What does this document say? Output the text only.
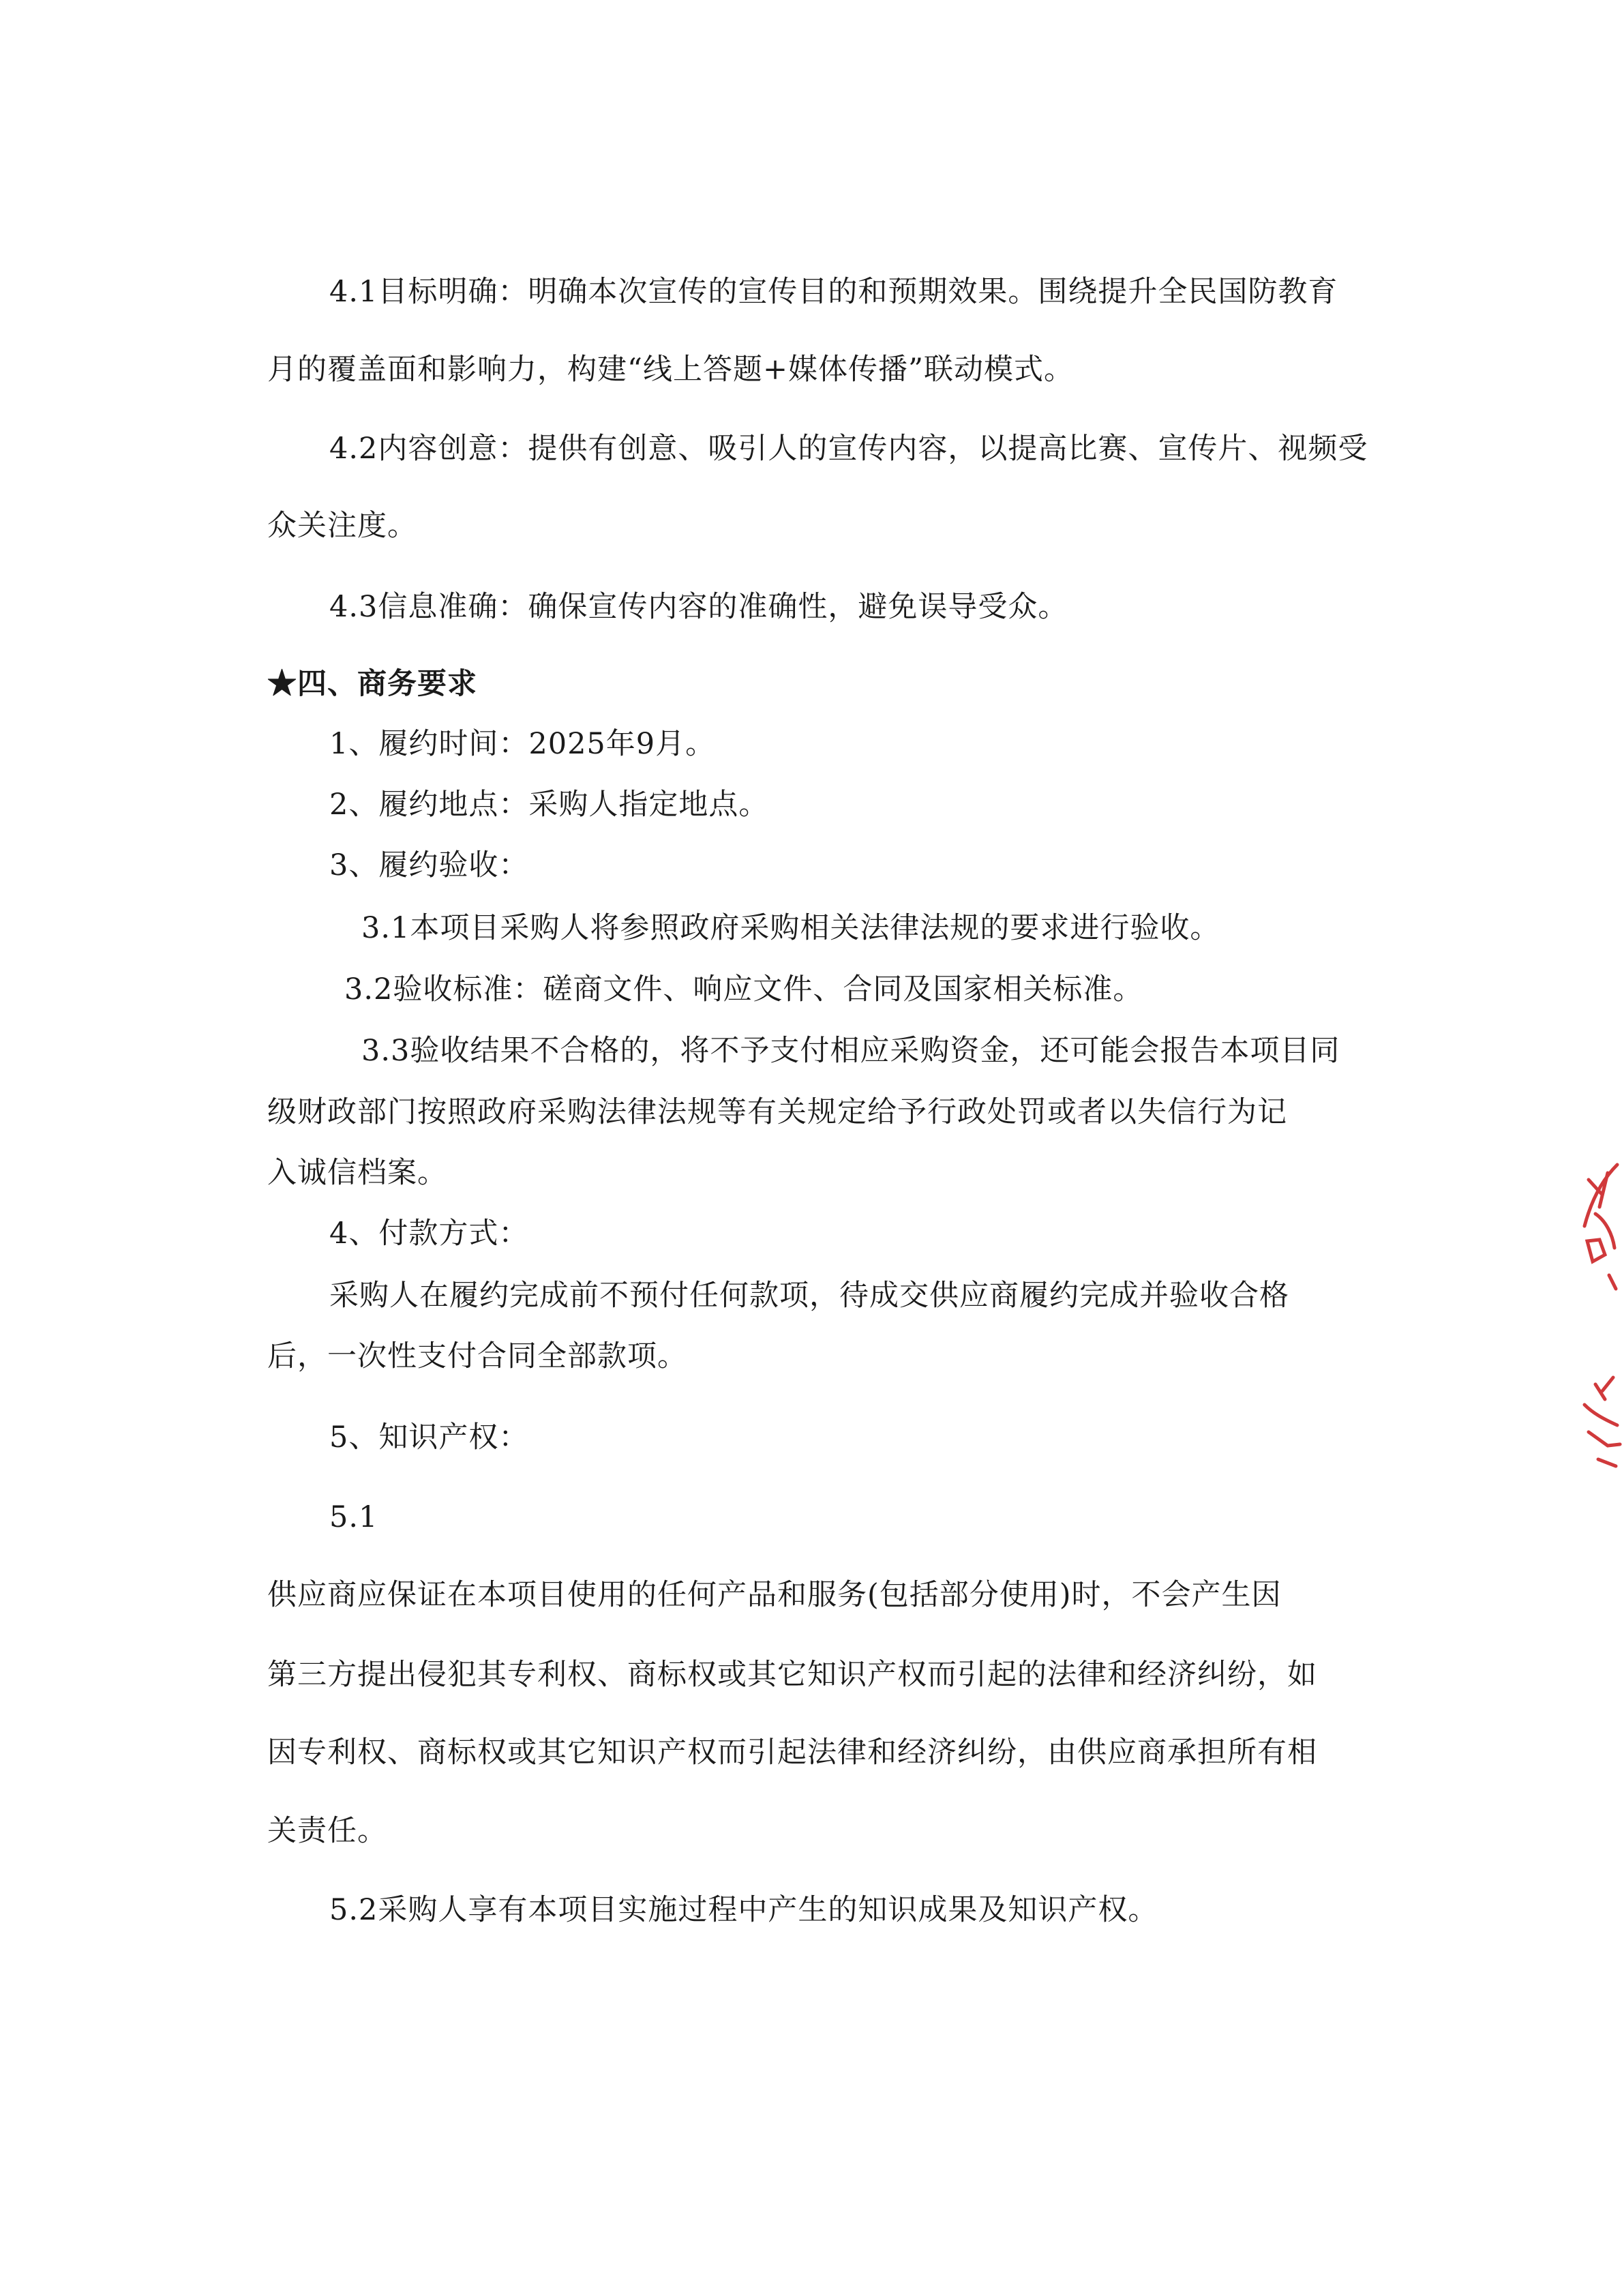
4.1目标明确：明确本次宣传的宣传目的和预期效果。围绕提升全民国防教育
月的覆盖面和影响力，构建“线上答题+媒体传播”联动模式。
4.2内容创意：提供有创意、吸引人的宣传内容，以提高比赛、宣传片、视频受
众关注度。
4.3信息准确：确保宣传内容的准确性，避免误导受众。
★四、商务要求
1、履约时间：2025年9月。
2、履约地点：采购人指定地点。
3、履约验收：
3.1本项目采购人将参照政府采购相关法律法规的要求进行验收。
3.2验收标准：磋商文件、响应文件、合同及国家相关标准。
3.3验收结果不合格的，将不予支付相应采购资金，还可能会报告本项目同
级财政部门按照政府采购法律法规等有关规定给予行政处罚或者以失信行为记
入诚信档案。
4、付款方式：
采购人在履约完成前不预付任何款项，待成交供应商履约完成并验收合格
后，一次性支付合同全部款项。
5、知识产权：
5.1
供应商应保证在本项目使用的任何产品和服务(包括部分使用)时，不会产生因
第三方提出侵犯其专利权、商标权或其它知识产权而引起的法律和经济纠纷，如
因专利权、商标权或其它知识产权而引起法律和经济纠纷，由供应商承担所有相
关责任。
5.2采购人享有本项目实施过程中产生的知识成果及知识产权。
